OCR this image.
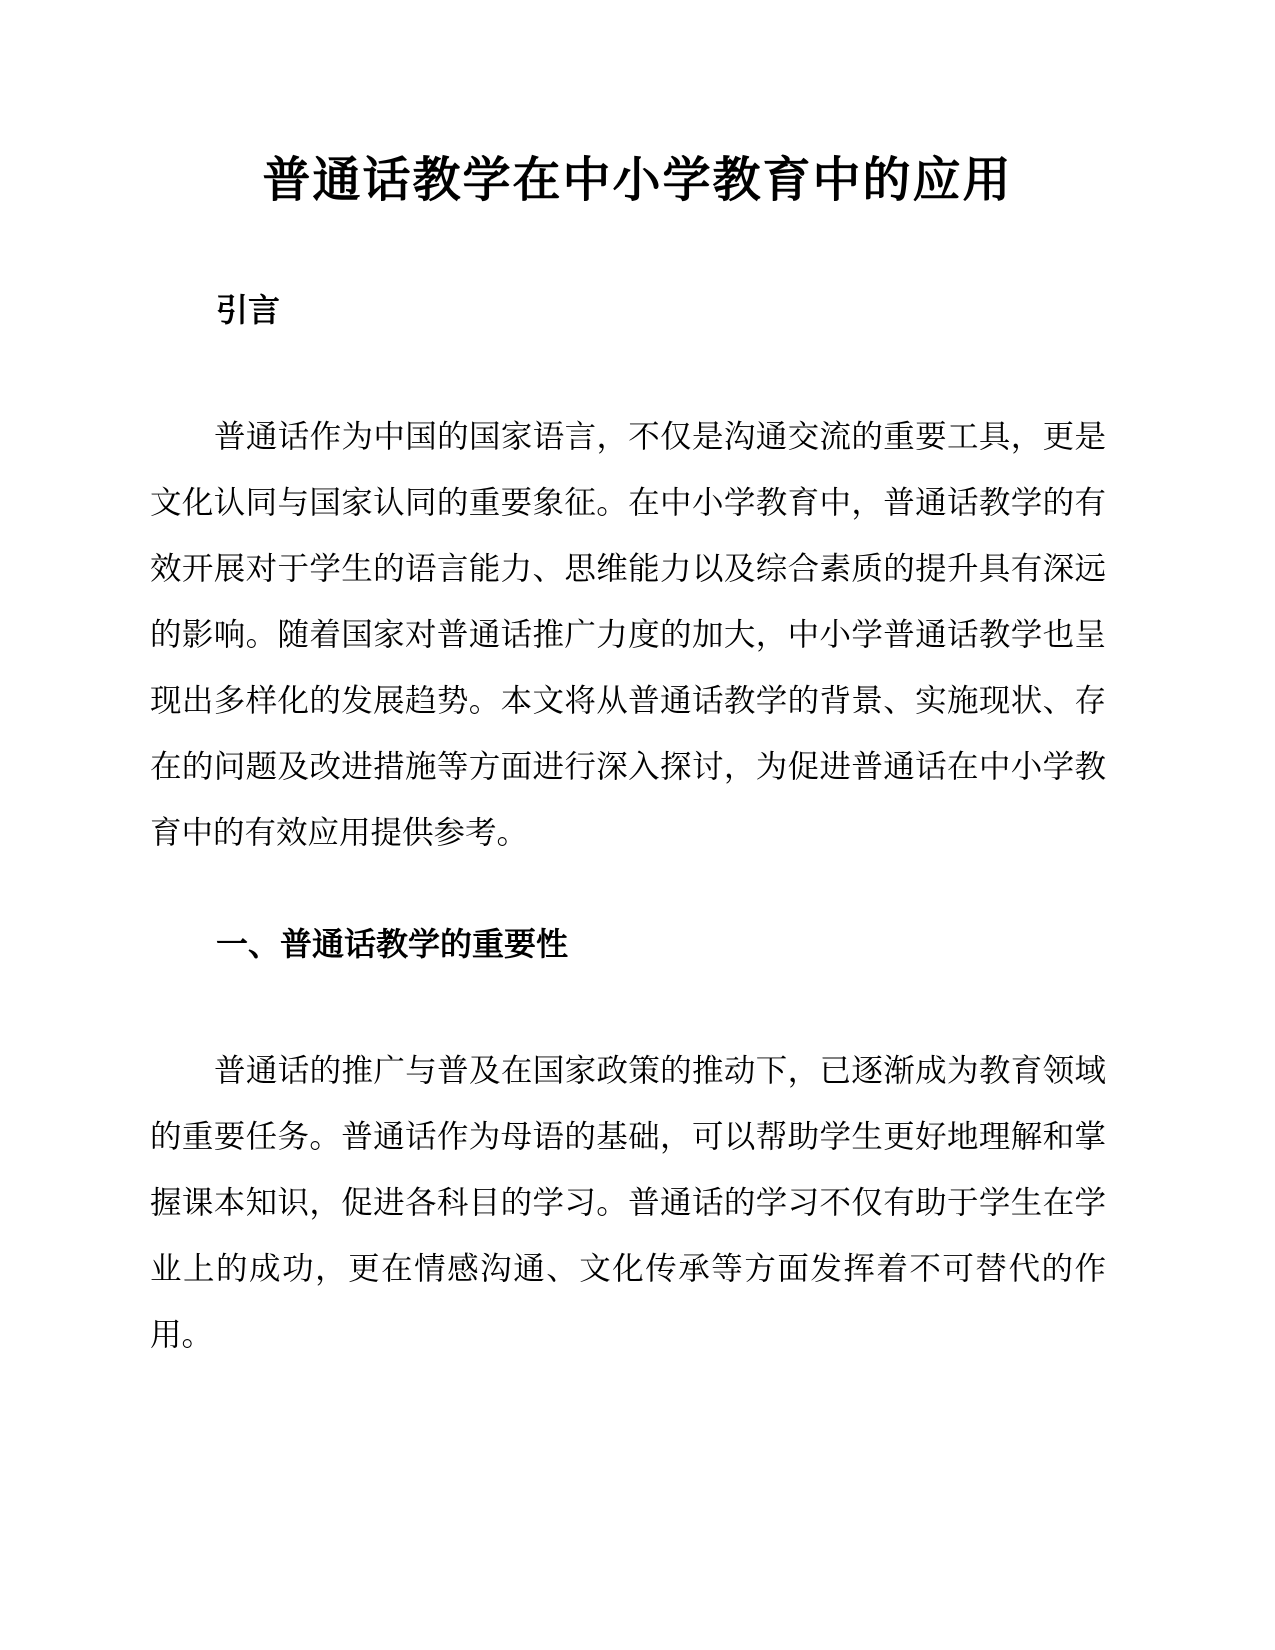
普通话教学在中小学教育中的应用
引言

普通话作为中国的国家语言，不仅是沟通交流的重要工具，更是文化认同与国家认同的重要象征。在中小学教育中，普通话教学的有效开展对于学生的语言能力、思维能力以及综合素质的提升具有深远的影响。随着国家对普通话推广力度的加大，中小学普通话教学也呈现出多样化的发展趋势。本文将从普通话教学的背景、实施现状、存在的问题及改进措施等方面进行深入探讨，为促进普通话在中小学教育中的有效应用提供参考。

一、普通话教学的重要性

普通话的推广与普及在国家政策的推动下，已逐渐成为教育领域的重要任务。普通话作为母语的基础，可以帮助学生更好地理解和掌握课本知识，促进各科目的学习。普通话的学习不仅有助于学生在学业上的成功，更在情感沟通、文化传承等方面发挥着不可替代的作用。
